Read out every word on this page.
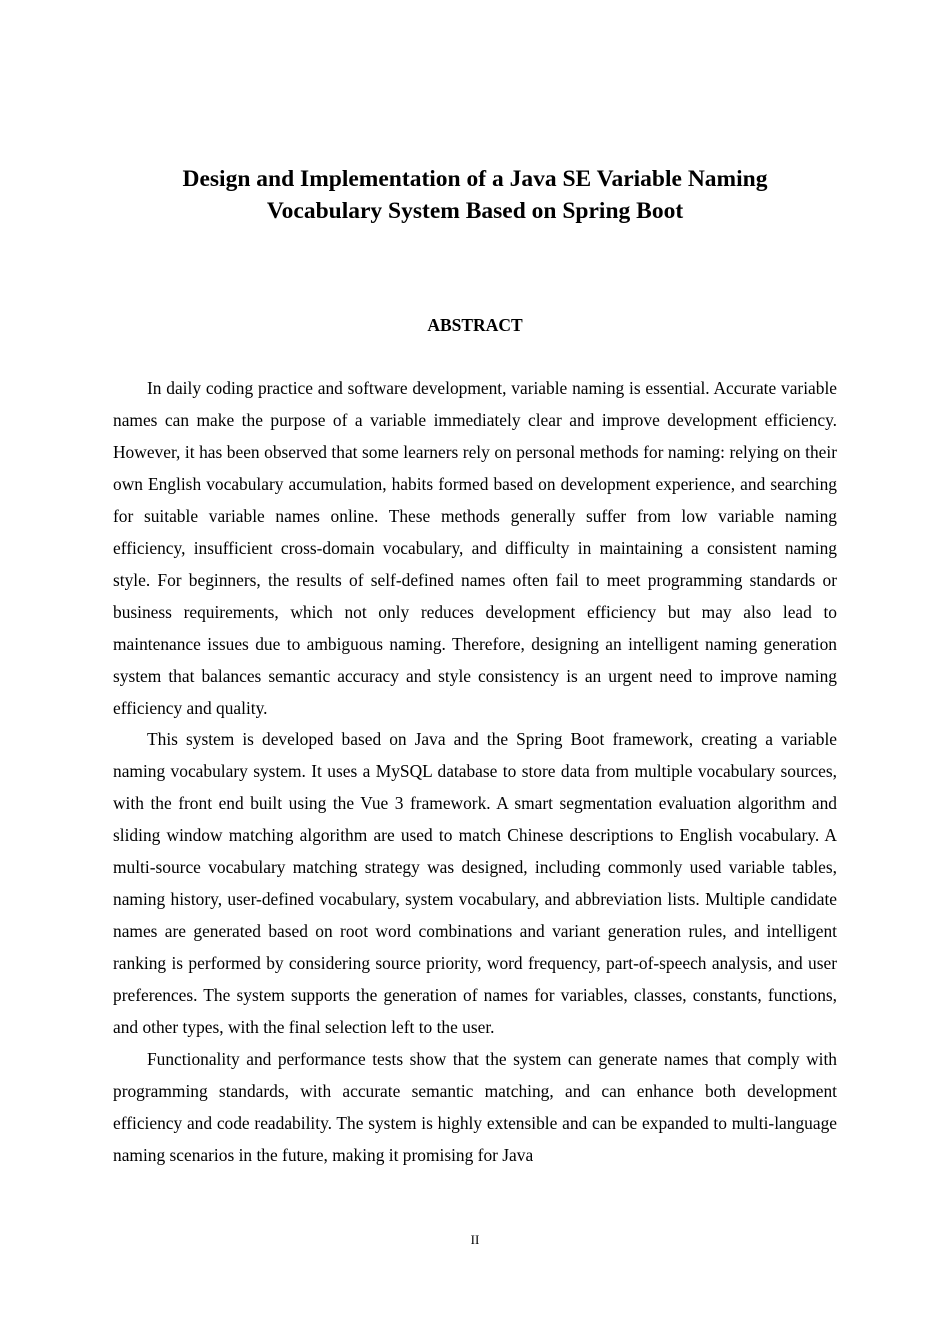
Design and Implementation of a Java SE Variable Naming
Vocabulary System Based on Spring Boot
ABSTRACT

In daily coding practice and software development, variable naming is essential. Accurate variable names can make the purpose of a variable immediately clear and improve development efficiency. However, it has been observed that some learners rely on personal methods for naming: relying on their own English vocabulary accumulation, habits formed based on development experience, and searching for suitable variable names online. These methods generally suffer from low variable naming efficiency, insufficient cross-domain vocabulary, and difficulty in maintaining a consistent naming style. For beginners, the results of self-defined names often fail to meet programming standards or business requirements, which not only reduces development efficiency but may also lead to maintenance issues due to ambiguous naming. Therefore, designing an intelligent naming generation system that balances semantic accuracy and style consistency is an urgent need to improve naming efficiency and quality.

This system is developed based on Java and the Spring Boot framework, creating a variable naming vocabulary system. It uses a MySQL database to store data from multiple vocabulary sources, with the front end built using the Vue 3 framework. A smart segmentation evaluation algorithm and sliding window matching algorithm are used to match Chinese descriptions to English vocabulary. A multi-source vocabulary matching strategy was designed, including commonly used variable tables, naming history, user-defined vocabulary, system vocabulary, and abbreviation lists. Multiple candidate names are generated based on root word combinations and variant generation rules, and intelligent ranking is performed by considering source priority, word frequency, part-of-speech analysis, and user preferences. The system supports the generation of names for variables, classes, constants, functions, and other types, with the final selection left to the user.

Functionality and performance tests show that the system can generate names that comply with programming standards, with accurate semantic matching, and can enhance both development efficiency and code readability. The system is highly extensible and can be expanded to multi-language naming scenarios in the future, making it promising for Java

II
